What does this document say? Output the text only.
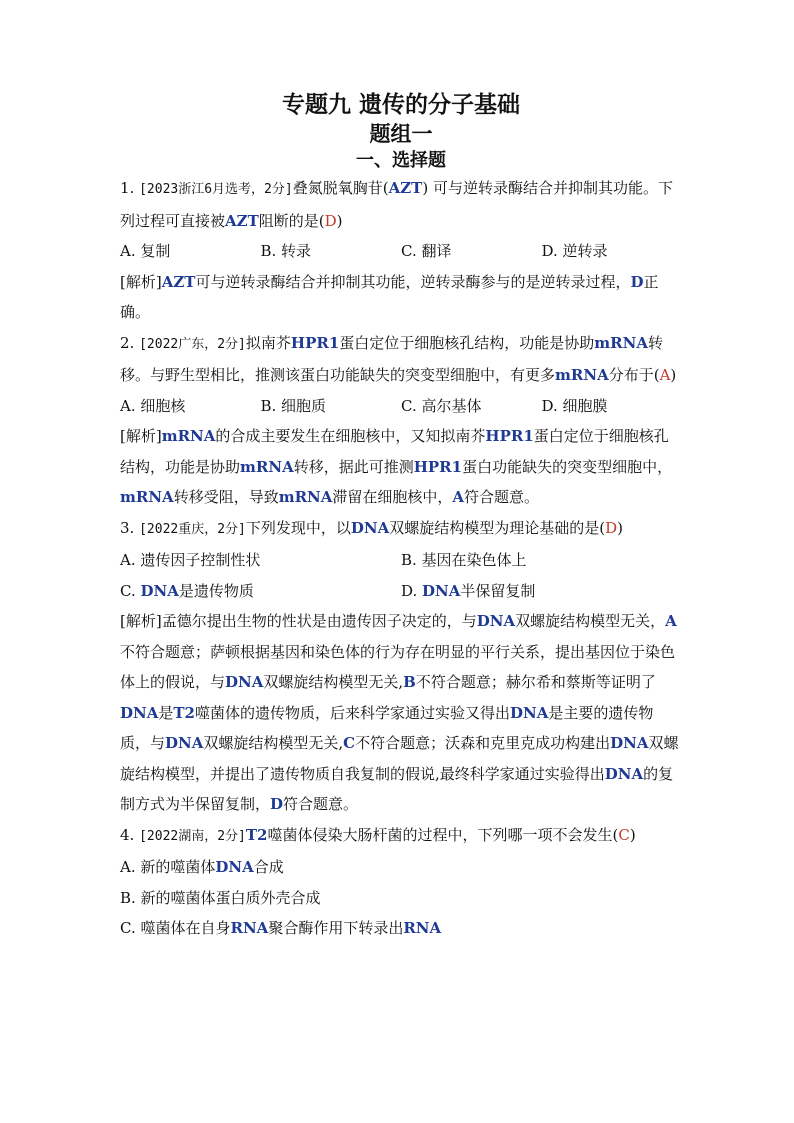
专题九 遗传的分子基础
题组一
一、选择题

1. [2023浙江6月选考，2分]叠氮脱氧胸苷(AZT) 可与逆转录酶结合并抑制其功能。下列过程可直接被AZT阻断的是(D)

A. 复制	B. 转录	C. 翻译	D. 逆转录

[解析]AZT可与逆转录酶结合并抑制其功能，逆转录酶参与的是逆转录过程，D正确。

2. [2022广东，2分]拟南芥HPR1蛋白定位于细胞核孔结构，功能是协助mRNA转移。与野生型相比，推测该蛋白功能缺失的突变型细胞中，有更多mRNA分布于(A)

A. 细胞核	B. 细胞质	C. 高尔基体	D. 细胞膜

[解析]mRNA的合成主要发生在细胞核中，又知拟南芥HPR1蛋白定位于细胞核孔结构，功能是协助mRNA转移，据此可推测HPR1蛋白功能缺失的突变型细胞中，mRNA转移受阻，导致mRNA滞留在细胞核中，A符合题意。

3. [2022重庆，2分]下列发现中，以DNA双螺旋结构模型为理论基础的是(D)

A. 遗传因子控制性状	B. 基因在染色体上
C. DNA是遗传物质	D. DNA半保留复制

[解析]孟德尔提出生物的性状是由遗传因子决定的，与DNA双螺旋结构模型无关，A不符合题意；萨顿根据基因和染色体的行为存在明显的平行关系，提出基因位于染色体上的假说，与DNA双螺旋结构模型无关,B不符合题意；赫尔希和蔡斯等证明了DNA是T2噬菌体的遗传物质，后来科学家通过实验又得出DNA是主要的遗传物质，与DNA双螺旋结构模型无关,C不符合题意；沃森和克里克成功构建出DNA双螺旋结构模型，并提出了遗传物质自我复制的假说,最终科学家通过实验得出DNA的复制方式为半保留复制，D符合题意。

4. [2022湖南，2分]T2噬菌体侵染大肠杆菌的过程中，下列哪一项不会发生(C)

A. 新的噬菌体DNA合成
B. 新的噬菌体蛋白质外壳合成
C. 噬菌体在自身RNA聚合酶作用下转录出RNA
